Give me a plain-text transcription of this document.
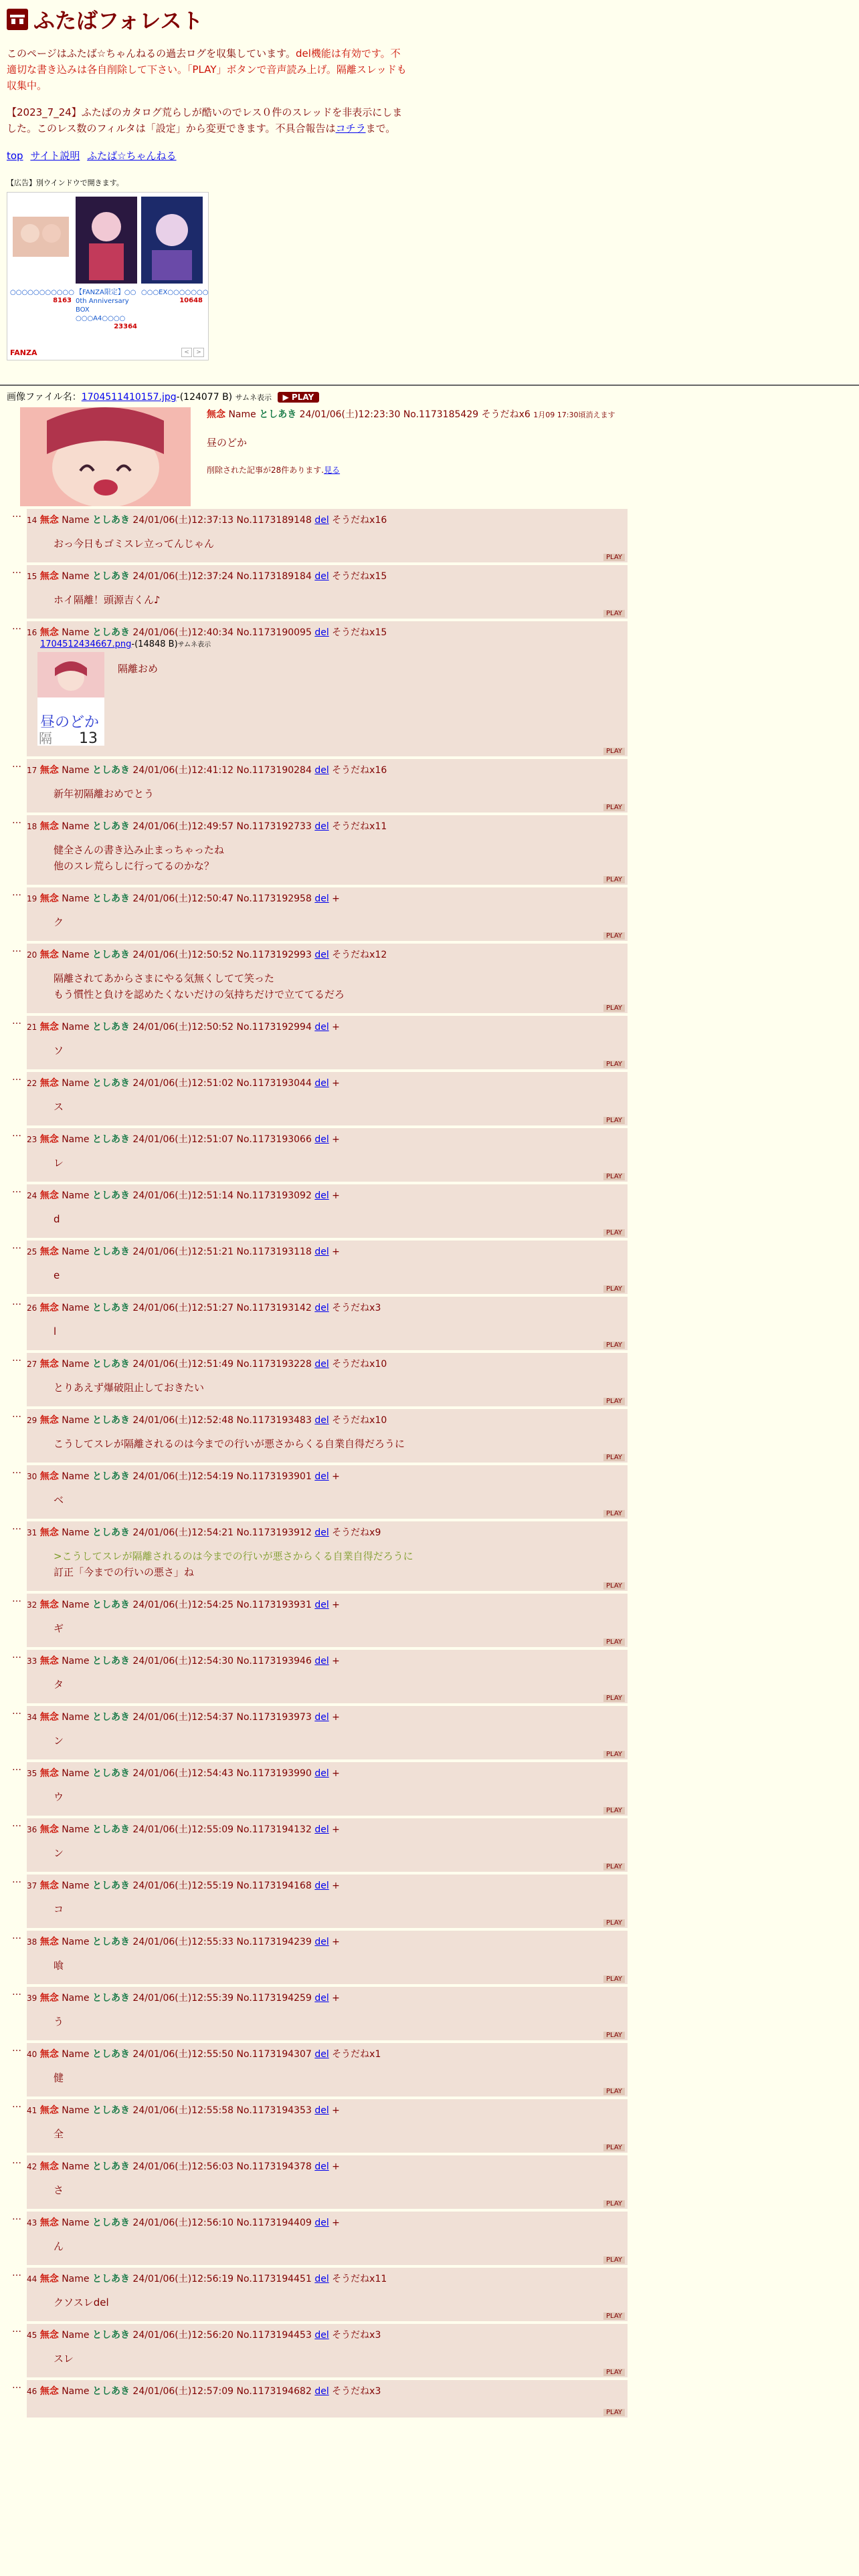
ふたばフォレスト
このページはふたば☆ちゃんねるの過去ログを収集しています。del機能は有効です。不適切な書き込みは各自削除して下さい。「PLAY」ボタンで音声読み上げ。隔離スレッドも収集中。
【2023_7_24】ふたばのカタログ荒らしが酷いのでレス０件のスレッドを非表示にしました。このレス数のフィルタは「設定」から変更できます。不具合報告はコチラまで。
top サイト説明 ふたば☆ちゃんねる
【広告】別ウインドウで開きます。
○○○○○○○○○○○
8163
【FANZA限定】○○ 0th Anniversary BOX ○○○A4○○○○
23364
○○○EX○○○○○○○
10648
FANZA	<	>
画像ファイル名：1704511410157.jpg-(124077 B) サムネ表示 ▶ PLAY
無念 Name としあき 24/01/06(土)12:23:30 No.1173185429 そうだねx6 1月09 17:30頃消えます
昼のどか
削除された記事が28件あります.見る
…
14 無念 Name としあき 24/01/06(土)12:37:13 No.1173189148 del そうだねx16
おっ今日もゴミスレ立ってんじゃん
PLAY
…
15 無念 Name としあき 24/01/06(土)12:37:24 No.1173189184 del そうだねx15
ホイ隔離！頭源吉くん♪
PLAY
…
16 無念 Name としあき 24/01/06(土)12:40:34 No.1173190095 del そうだねx15
1704512434667.png-(14848 B)サムネ表示
昼のどか
隔 13
隔離おめ
PLAY
…
17 無念 Name としあき 24/01/06(土)12:41:12 No.1173190284 del そうだねx16
新年初隔離おめでとう
PLAY
…
18 無念 Name としあき 24/01/06(土)12:49:57 No.1173192733 del そうだねx11
健全さんの書き込み止まっちゃったね
他のスレ荒らしに行ってるのかな？
PLAY
…
19 無念 Name としあき 24/01/06(土)12:50:47 No.1173192958 del +
ク
PLAY
…
20 無念 Name としあき 24/01/06(土)12:50:52 No.1173192993 del そうだねx12
隔離されてあからさまにやる気無くしてて笑った
もう慣性と負けを認めたくないだけの気持ちだけで立ててるだろ
PLAY
…
21 無念 Name としあき 24/01/06(土)12:50:52 No.1173192994 del +
ソ
PLAY
…
22 無念 Name としあき 24/01/06(土)12:51:02 No.1173193044 del +
ス
PLAY
…
23 無念 Name としあき 24/01/06(土)12:51:07 No.1173193066 del +
レ
PLAY
…
24 無念 Name としあき 24/01/06(土)12:51:14 No.1173193092 del +
d
PLAY
…
25 無念 Name としあき 24/01/06(土)12:51:21 No.1173193118 del +
e
PLAY
…
26 無念 Name としあき 24/01/06(土)12:51:27 No.1173193142 del そうだねx3
l
PLAY
…
27 無念 Name としあき 24/01/06(土)12:51:49 No.1173193228 del そうだねx10
とりあえず爆破阻止しておきたい
PLAY
…
29 無念 Name としあき 24/01/06(土)12:52:48 No.1173193483 del そうだねx10
こうしてスレが隔離されるのは今までの行いが悪さからくる自業自得だろうに
PLAY
…
30 無念 Name としあき 24/01/06(土)12:54:19 No.1173193901 del +
ベ
PLAY
…
31 無念 Name としあき 24/01/06(土)12:54:21 No.1173193912 del そうだねx9
>こうしてスレが隔離されるのは今までの行いが悪さからくる自業自得だろうに
訂正「今までの行いの悪さ」ね
PLAY
…
32 無念 Name としあき 24/01/06(土)12:54:25 No.1173193931 del +
ギ
PLAY
…
33 無念 Name としあき 24/01/06(土)12:54:30 No.1173193946 del +
タ
PLAY
…
34 無念 Name としあき 24/01/06(土)12:54:37 No.1173193973 del +
ン
PLAY
…
35 無念 Name としあき 24/01/06(土)12:54:43 No.1173193990 del +
ウ
PLAY
…
36 無念 Name としあき 24/01/06(土)12:55:09 No.1173194132 del +
ン
PLAY
…
37 無念 Name としあき 24/01/06(土)12:55:19 No.1173194168 del +
コ
PLAY
…
38 無念 Name としあき 24/01/06(土)12:55:33 No.1173194239 del +
喰
PLAY
…
39 無念 Name としあき 24/01/06(土)12:55:39 No.1173194259 del +
う
PLAY
…
40 無念 Name としあき 24/01/06(土)12:55:50 No.1173194307 del そうだねx1
健
PLAY
…
41 無念 Name としあき 24/01/06(土)12:55:58 No.1173194353 del +
全
PLAY
…
42 無念 Name としあき 24/01/06(土)12:56:03 No.1173194378 del +
さ
PLAY
…
43 無念 Name としあき 24/01/06(土)12:56:10 No.1173194409 del +
ん
PLAY
…
44 無念 Name としあき 24/01/06(土)12:56:19 No.1173194451 del そうだねx11
クソスレdel
PLAY
…
45 無念 Name としあき 24/01/06(土)12:56:20 No.1173194453 del そうだねx3
スレ
PLAY
…
46 無念 Name としあき 24/01/06(土)12:57:09 No.1173194682 del そうだねx3
PLAY
